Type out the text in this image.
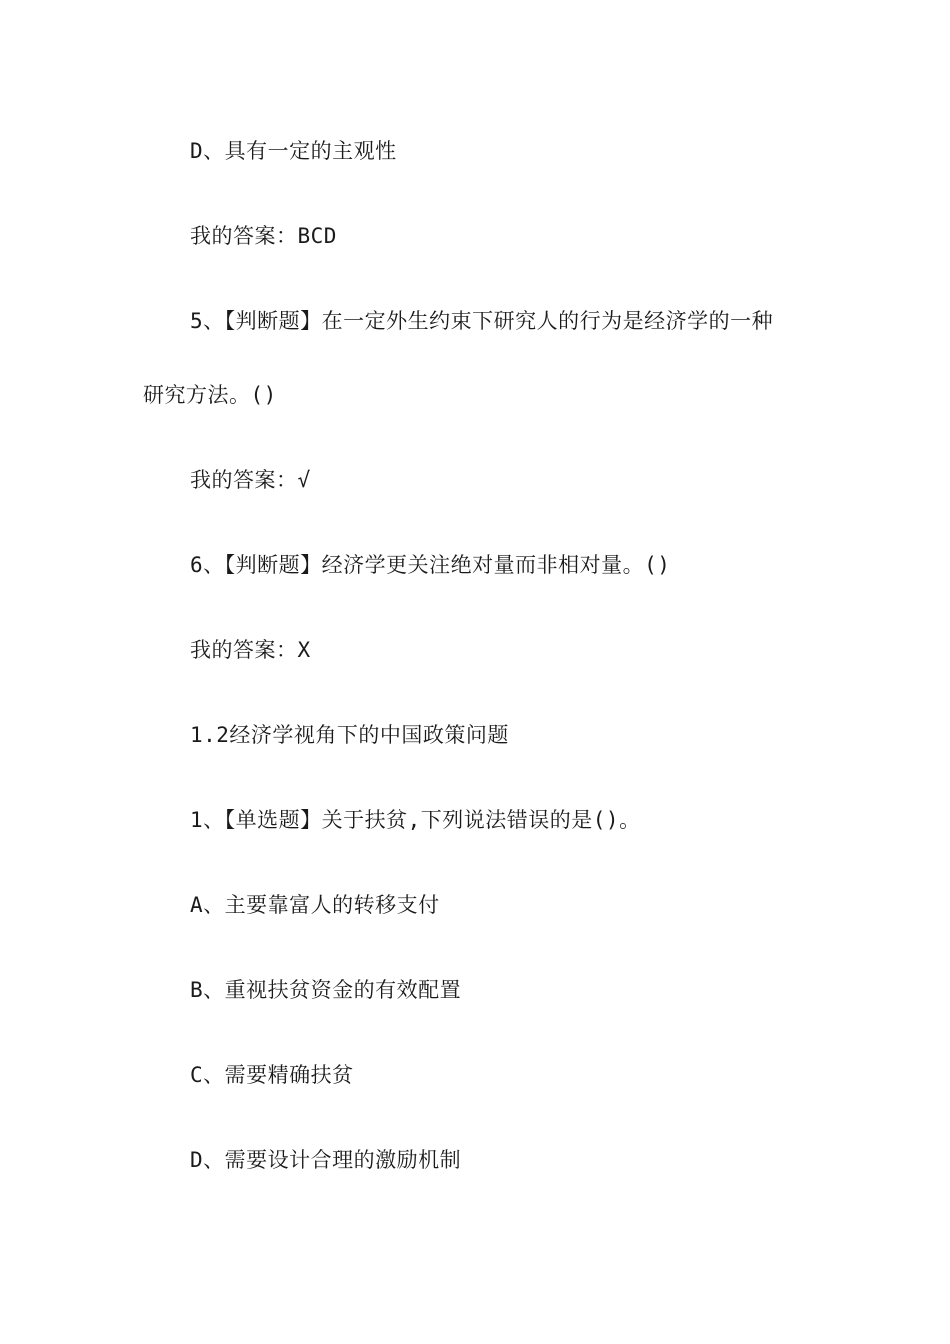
D、具有一定的主观性
我的答案：BCD
5、【判断题】在一定外生约束下研究人的行为是经济学的一种
研究方法。()
我的答案：√
6、【判断题】经济学更关注绝对量而非相对量。()
我的答案：X
1.2经济学视角下的中国政策问题
1、【单选题】关于扶贫,下列说法错误的是()。
A、主要靠富人的转移支付
B、重视扶贫资金的有效配置
C、需要精确扶贫
D、需要设计合理的激励机制
